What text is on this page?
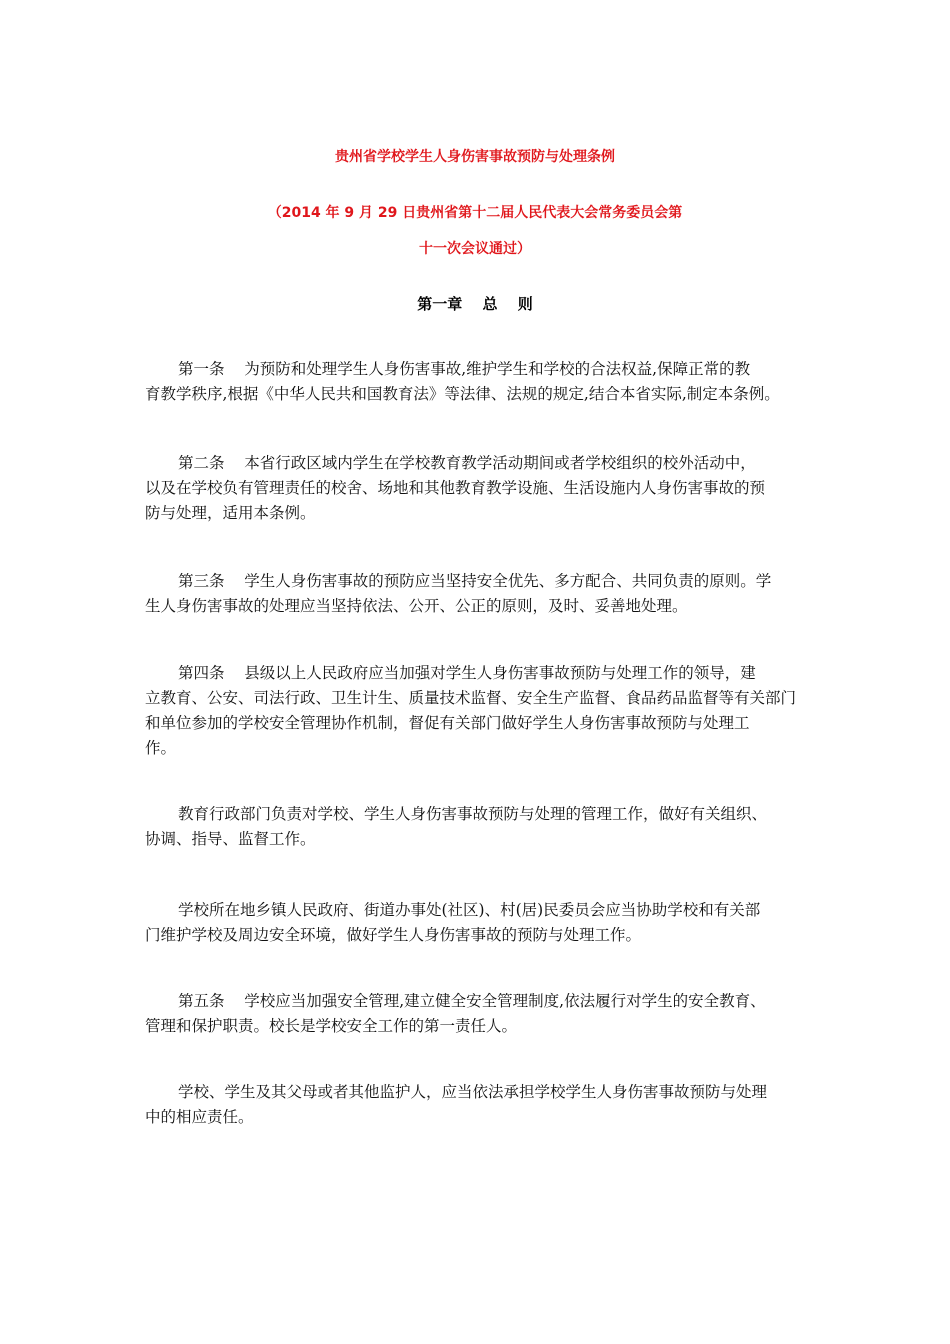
贵州省学校学生人身伤害事故预防与处理条例
（2014 年 9 月 29 日贵州省第十二届人民代表大会常务委员会第
十一次会议通过）
第一章　 总　 则
第一条 为预防和处理学生人身伤害事故,维护学生和学校的合法权益,保障正常的教
育教学秩序,根据《中华人民共和国教育法》等法律、法规的规定,结合本省实际,制定本条例。
第二条 本省行政区域内学生在学校教育教学活动期间或者学校组织的校外活动中，
以及在学校负有管理责任的校舍、场地和其他教育教学设施、生活设施内人身伤害事故的预
防与处理，适用本条例。
第三条 学生人身伤害事故的预防应当坚持安全优先、多方配合、共同负责的原则。学
生人身伤害事故的处理应当坚持依法、公开、公正的原则，及时、妥善地处理。
第四条 县级以上人民政府应当加强对学生人身伤害事故预防与处理工作的领导，建
立教育、公安、司法行政、卫生计生、质量技术监督、安全生产监督、食品药品监督等有关部门
和单位参加的学校安全管理协作机制，督促有关部门做好学生人身伤害事故预防与处理工
作。
教育行政部门负责对学校、学生人身伤害事故预防与处理的管理工作，做好有关组织、
协调、指导、监督工作。
学校所在地乡镇人民政府、街道办事处(社区)、村(居)民委员会应当协助学校和有关部
门维护学校及周边安全环境，做好学生人身伤害事故的预防与处理工作。
第五条 学校应当加强安全管理,建立健全安全管理制度,依法履行对学生的安全教育、
管理和保护职责。校长是学校安全工作的第一责任人。
学校、学生及其父母或者其他监护人，应当依法承担学校学生人身伤害事故预防与处理
中的相应责任。
